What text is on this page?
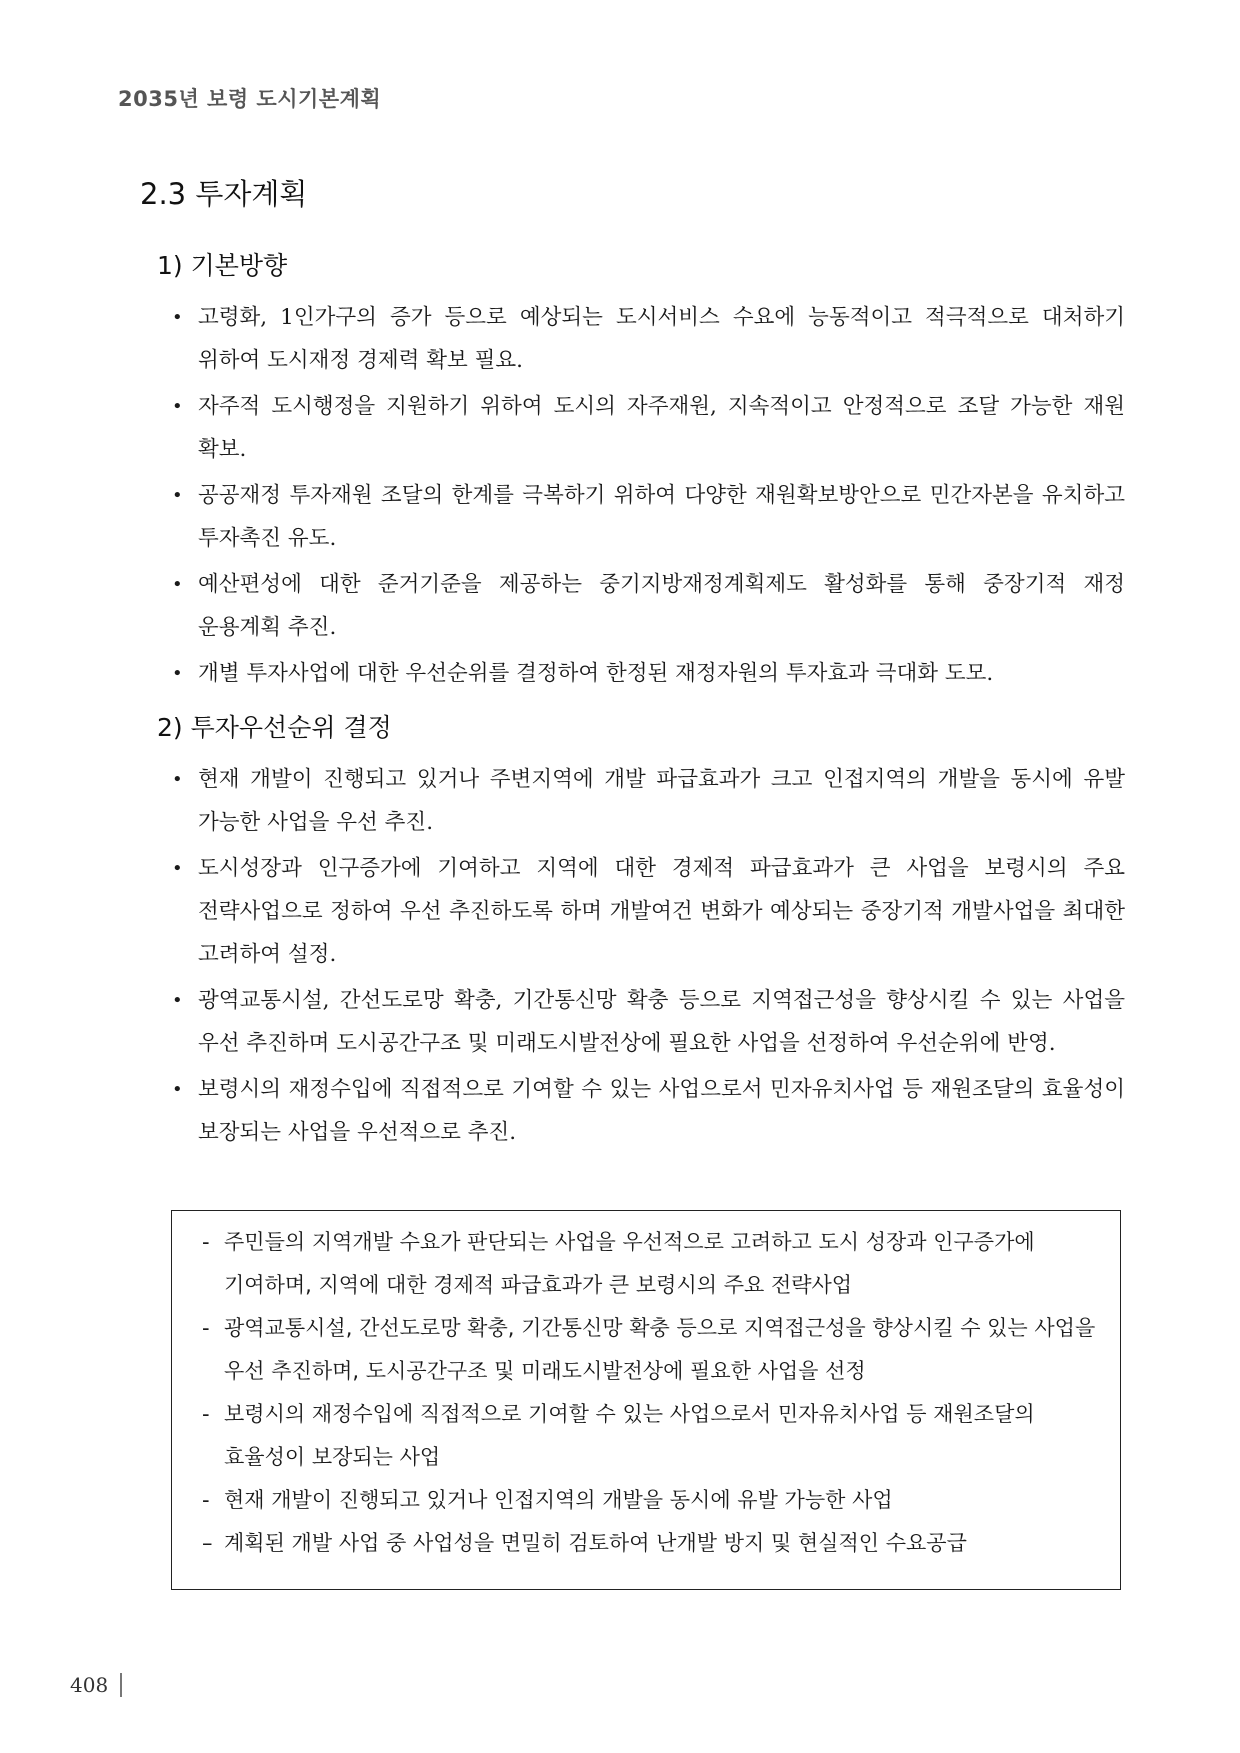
2035년 보령 도시기본계획
2.3 투자계획
1) 기본방향
• 고령화, 1인가구의 증가 등으로 예상되는 도시서비스 수요에 능동적이고 적극적으로 대처하기 위하여 도시재정 경제력 확보 필요.
• 자주적 도시행정을 지원하기 위하여 도시의 자주재원, 지속적이고 안정적으로 조달 가능한 재원 확보.
• 공공재정 투자재원 조달의 한계를 극복하기 위하여 다양한 재원확보방안으로 민간자본을 유치하고 투자촉진 유도.
• 예산편성에 대한 준거기준을 제공하는 중기지방재정계획제도 활성화를 통해 중장기적 재정 운용계획 추진.
• 개별 투자사업에 대한 우선순위를 결정하여 한정된 재정자원의 투자효과 극대화 도모.
2) 투자우선순위 결정
• 현재 개발이 진행되고 있거나 주변지역에 개발 파급효과가 크고 인접지역의 개발을 동시에 유발 가능한 사업을 우선 추진.
• 도시성장과 인구증가에 기여하고 지역에 대한 경제적 파급효과가 큰 사업을 보령시의 주요 전략사업으로 정하여 우선 추진하도록 하며 개발여건 변화가 예상되는 중장기적 개발사업을 최대한 고려하여 설정.
• 광역교통시설, 간선도로망 확충, 기간통신망 확충 등으로 지역접근성을 향상시킬 수 있는 사업을 우선 추진하며 도시공간구조 및 미래도시발전상에 필요한 사업을 선정하여 우선순위에 반영.
• 보령시의 재정수입에 직접적으로 기여할 수 있는 사업으로서 민자유치사업 등 재원조달의 효율성이 보장되는 사업을 우선적으로 추진.
- 주민들의 지역개발 수요가 판단되는 사업을 우선적으로 고려하고 도시 성장과 인구증가에 기여하며, 지역에 대한 경제적 파급효과가 큰 보령시의 주요 전략사업
- 광역교통시설, 간선도로망 확충, 기간통신망 확충 등으로 지역접근성을 향상시킬 수 있는 사업을 우선 추진하며, 도시공간구조 및 미래도시발전상에 필요한 사업을 선정
- 보령시의 재정수입에 직접적으로 기여할 수 있는 사업으로서 민자유치사업 등 재원조달의 효율성이 보장되는 사업
- 현재 개발이 진행되고 있거나 인접지역의 개발을 동시에 유발 가능한 사업
– 계획된 개발 사업 중 사업성을 면밀히 검토하여 난개발 방지 및 현실적인 수요공급
408
